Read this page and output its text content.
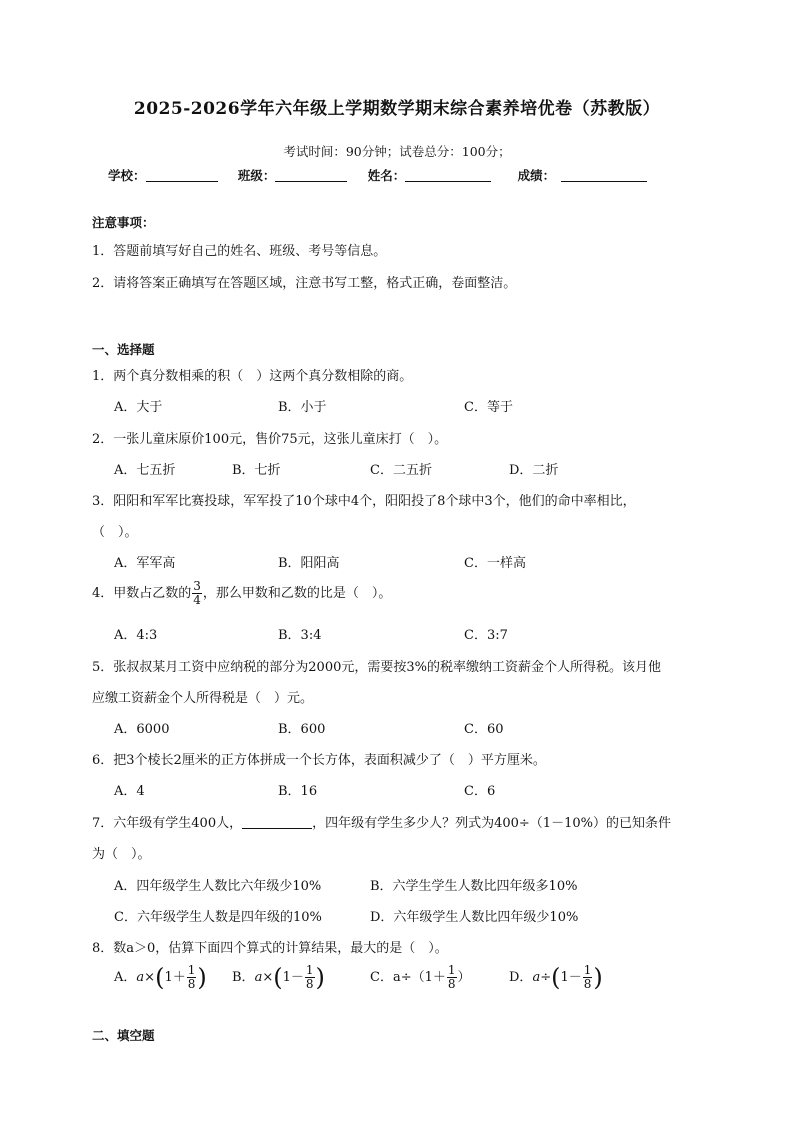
2025-2026学年六年级上学期数学期末综合素养培优卷（苏教版）
考试时间：90分钟；试卷总分：100分；
学校：	班级：	姓名：	成绩：
注意事项：
1．答题前填写好自己的姓名、班级、考号等信息。
2．请将答案正确填写在答题区域，注意书写工整，格式正确，卷面整洁。
一、选择题
1．两个真分数相乘的积（　）这两个真分数相除的商。
A．大于	B．小于	C．等于
2．一张儿童床原价100元，售价75元，这张儿童床打（　）。
A．七五折	B．七折	C．二五折	D．二折
3．阳阳和军军比赛投球，军军投了10个球中4个，阳阳投了8个球中3个，他们的命中率相比，
（　）。
A．军军高	B．阳阳高	C．一样高
4．甲数占乙数的 $\frac{3}{4}$ ，那么甲数和乙数的比是（　）。
A．4:3	B．3:4	C．3:7
5．张叔叔某月工资中应纳税的部分为2000元，需要按3%的税率缴纳工资薪金个人所得税。该月他
应缴工资薪金个人所得税是（　）元。
A．6000	B．600	C．60
6．把3个棱长2厘米的正方体拼成一个长方体，表面积减少了（　）平方厘米。
A．4	B．16	C．6
7．六年级有学生400人，	，四年级有学生多少人？列式为400÷（1－10%）的已知条件
为（　）。
A．四年级学生人数比六年级少10%	B．六学生学生人数比四年级多10%
C．六年级学生人数是四年级的10%	D．六年级学生人数比四年级少10%
8．数a＞0，估算下面四个算式的计算结果，最大的是（　）。
A．$a\times(1+ \frac{1}{8}$ ) B．$a\times(1- \frac{1}{8}$ )	C．$a\div(1+ \frac{1}{8}$ ）	D．$a\div(1- \frac{1}{8}$ )
二、填空题
